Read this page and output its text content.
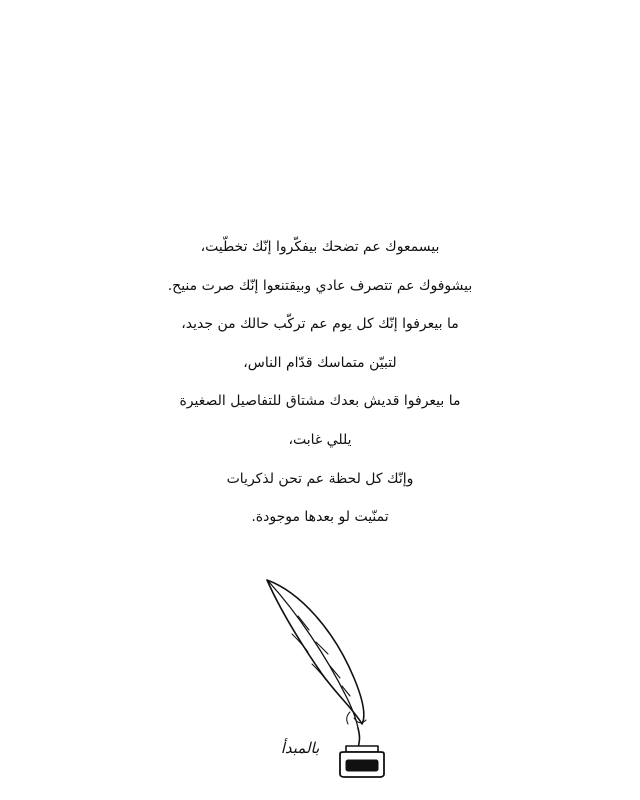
بيسمعوك عم تضحك بيفكّروا إنّك تخطّيت،
بيشوفوك عم تتصرف عادي وبيقتنعوا إنّك صرت منيح.
ما بيعرفوا إنّك كل يوم عم تركّب حالك من جديد،
لتبيّن متماسك قدّام الناس،
ما بيعرفوا قديش بعدك مشتاق للتفاصيل الصغيرة
يللي غابت،
وإنّك كل لحظة عم تحن لذكريات
تمنّيت لو بعدها موجودة.
بالمبدأ
